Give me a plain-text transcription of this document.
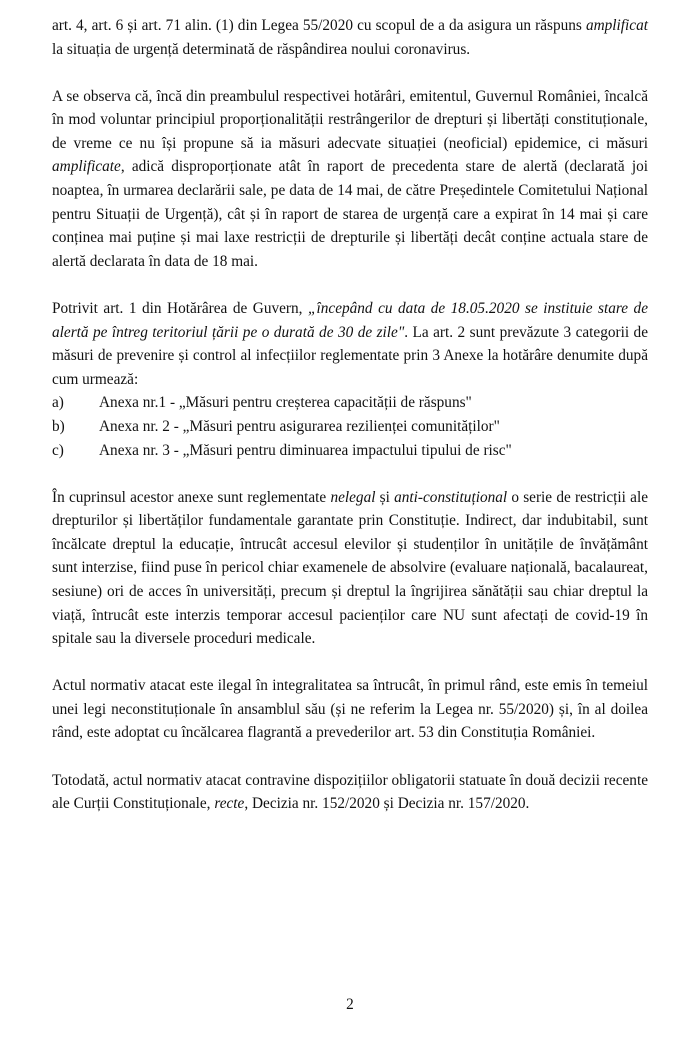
art. 4, art. 6 și art. 71 alin. (1) din Legea 55/2020 cu scopul de a da asigura un răspuns amplificat la situația de urgență determinată de răspândirea noului coronavirus.

A se observa că, încă din preambulul respectivei hotărâri, emitentul, Guvernul României, încalcă în mod voluntar principiul proporționalității restrângerilor de drepturi și libertăți constituționale, de vreme ce nu își propune să ia măsuri adecvate situației (neoficial) epidemice, ci măsuri amplificate, adică disproporționate atât în raport de precedenta stare de alertă (declarată joi noaptea, în urmarea declarării sale, pe data de 14 mai, de către Președintele Comitetului Național pentru Situații de Urgență), cât și în raport de starea de urgență care a expirat în 14 mai și care conținea mai puține și mai laxe restricții de drepturile și libertăți decât conține actuala stare de alertă declarata în data de 18 mai.

Potrivit art. 1 din Hotărârea de Guvern, „începând cu data de 18.05.2020 se instituie stare de alertă pe întreg teritoriul țării pe o durată de 30 de zile". La art. 2 sunt prevăzute 3 categorii de măsuri de prevenire și control al infecțiilor reglementate prin 3 Anexe la hotărâre denumite după cum urmează:

a)	Anexa nr.1 - „Măsuri pentru creșterea capacității de răspuns"
b)	Anexa nr. 2 - „Măsuri pentru asigurarea rezilienței comunităților"
c)	Anexa nr. 3 - „Măsuri pentru diminuarea impactului tipului de risc"

În cuprinsul acestor anexe sunt reglementate nelegal și anti-constituțional o serie de restricții ale drepturilor și libertăților fundamentale garantate prin Constituție. Indirect, dar indubitabil, sunt încălcate dreptul la educație, întrucât accesul elevilor și studenților în unitățile de învățământ sunt interzise, fiind puse în pericol chiar examenele de absolvire (evaluare națională, bacalaureat, sesiune) ori de acces în universități, precum și dreptul la îngrijirea sănătății sau chiar dreptul la viață, întrucât este interzis temporar accesul pacienților care NU sunt afectați de covid-19 în spitale sau la diversele proceduri medicale.

Actul normativ atacat este ilegal în integralitatea sa întrucât, în primul rând, este emis în temeiul unei legi neconstituționale în ansamblul său (și ne referim la Legea nr. 55/2020) și, în al doilea rând, este adoptat cu încălcarea flagrantă a prevederilor art. 53 din Constituția României.

Totodată, actul normativ atacat contravine dispozițiilor obligatorii statuate în două decizii recente ale Curții Constituționale, recte, Decizia nr. 152/2020 și Decizia nr. 157/2020.

2
